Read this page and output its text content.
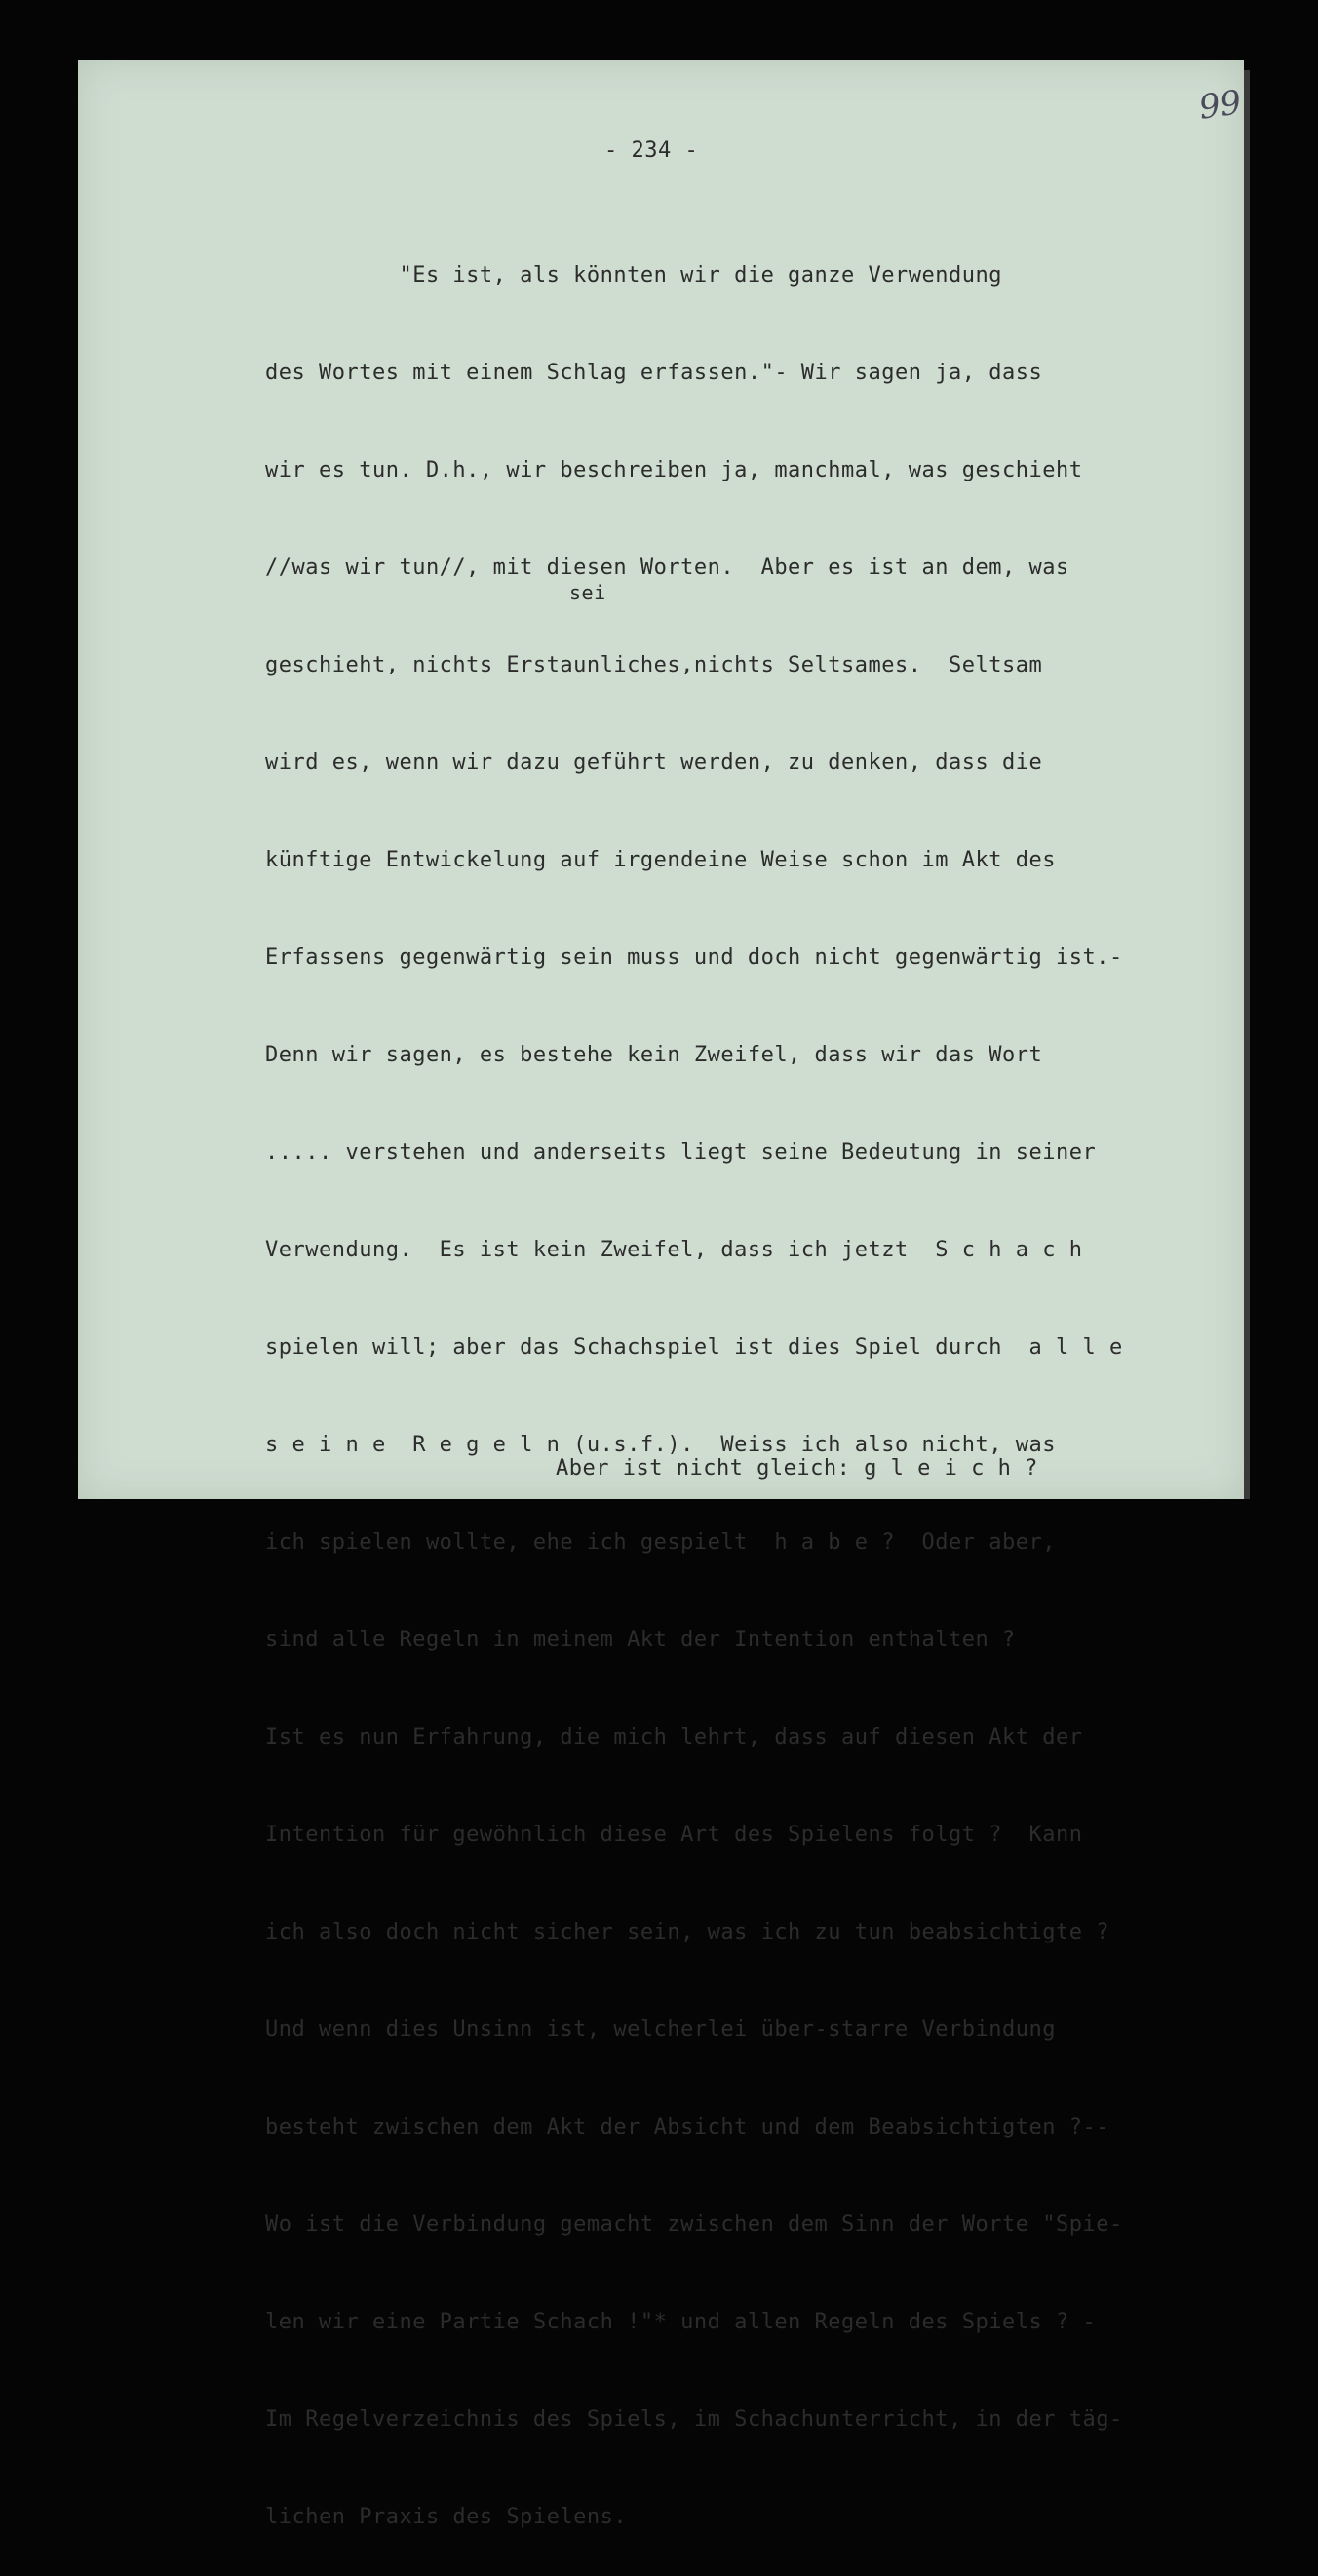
99
- 234 -
sei

"Es ist, als könnten wir die ganze Verwendung

des Wortes mit einem Schlag erfassen."- Wir sagen ja, dass

wir es tun. D.h., wir beschreiben ja, manchmal, was geschieht

//was wir tun//, mit diesen Worten.  Aber es ist an dem, was

geschieht, nichts Erstaunliches,nichts Seltsames.  Seltsam

wird es, wenn wir dazu geführt werden, zu denken, dass die

künftige Entwickelung auf irgendeine Weise schon im Akt des

Erfassens gegenwärtig sein muss und doch nicht gegenwärtig ist.-

Denn wir sagen, es bestehe kein Zweifel, dass wir das Wort

..... verstehen und anderseits liegt seine Bedeutung in seiner

Verwendung.  Es ist kein Zweifel, dass ich jetzt  S c h a c h

spielen will; aber das Schachspiel ist dies Spiel durch  a l l e

s e i n e  R e g e l n (u.s.f.).  Weiss ich also nicht, was

ich spielen wollte, ehe ich gespielt  h a b e ?  Oder aber,

sind alle Regeln in meinem Akt der Intention enthalten ?

Ist es nun Erfahrung, die mich lehrt, dass auf diesen Akt der

Intention für gewöhnlich diese Art des Spielens folgt ?  Kann

ich also doch nicht sicher sein, was ich zu tun beabsichtigte ?

Und wenn dies Unsinn ist, welcherlei über-starre Verbindung

besteht zwischen dem Akt der Absicht und dem Beabsichtigten ?--

Wo ist die Verbindung gemacht zwischen dem Sinn der Worte "Spie-

len wir eine Partie Schach !"* und allen Regeln des Spiels ? -

Im Regelverzeichnis des Spiels, im Schachunterricht, in der täg-

lichen Praxis des Spielens.

Aber ist nicht gleich: g l e i c h ?
